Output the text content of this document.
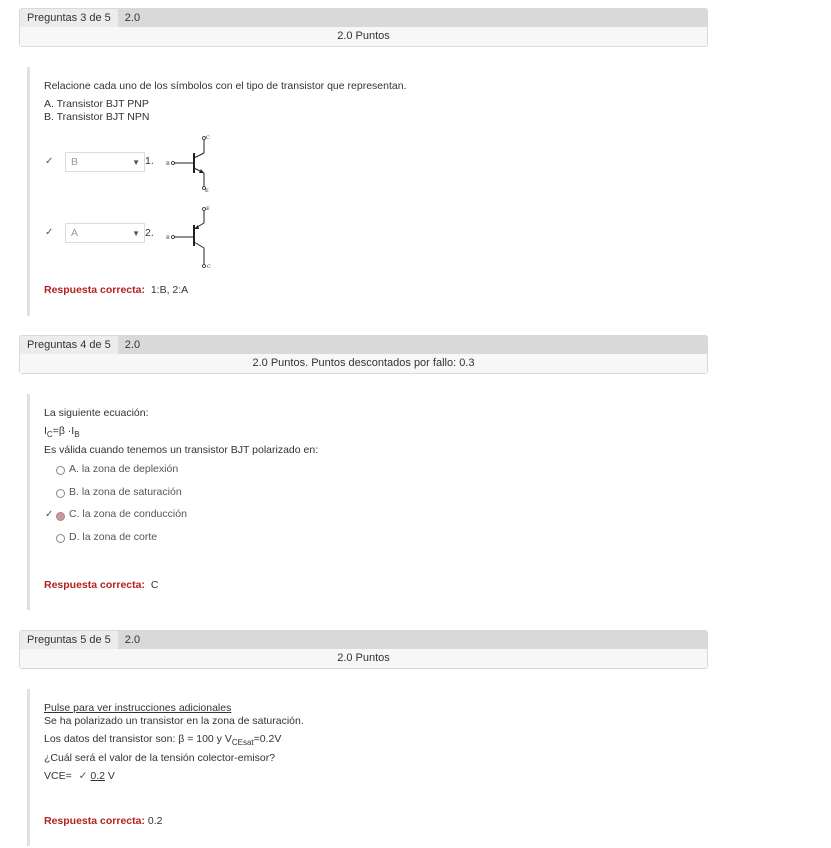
Preguntas 3 de 5	2.0
2.0 Puntos
Relacione cada uno de los símbolos con el tipo de transistor que representan.
A. Transistor BJT PNP
B. Transistor BJT NPN
✓ B	▼ 1.
C
B
E
✓ A	▼ 2.
E
B
C
Respuesta correcta: 1:B, 2:A
Preguntas 4 de 5	2.0
2.0 Puntos. Puntos descontados por fallo: 0.3
La siguiente ecuación:
$I_C=\beta \cdot I_B$
Es válida cuando tenemos un transistor BJT polarizado en:
A. la zona de deplexión
B. la zona de saturación
✓ C. la zona de conducción
D. la zona de corte
Respuesta correcta: C
Preguntas 5 de 5	2.0
2.0 Puntos
Pulse para ver instrucciones adicionales
Se ha polarizado un transistor en la zona de saturación.
Los datos del transistor son: β = 100 y $V_{CEsat}=0.2V$
¿Cuál será el valor de la tensión colector-emisor?
VCE= ✓ 0.2 V
Respuesta correcta: 0.2
